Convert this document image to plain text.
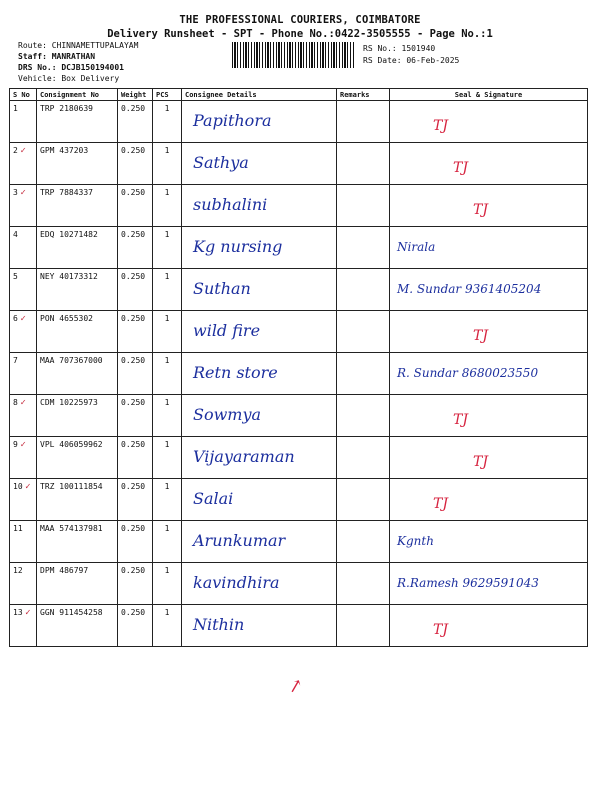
THE PROFESSIONAL COURIERS, COIMBATORE
Delivery Runsheet - SPT - Phone No.:0422-3505555 - Page No.:1
Route: CHINNAMETTUPALAYAM
Staff: MANRATHAN
DRS No.: DCJB150194001
Vehicle: Box Delivery
RS No.: 1501940
RS Date: 06-Feb-2025
S No	Consignment No	Weight	PCS	Consignee Details	Remarks	Seal & Signature
1	TRP 2180639	0.250	1	Papithora		TJ

2 ✓	GPM 437203	0.250	1	Sathya		TJ

3 ✓	TRP 7884337	0.250	1	subhalini		TJ

4	EDQ 10271482	0.250	1	Kg nursing		Nirala

5	NEY 40173312	0.250	1	Suthan		M. Sundar 9361405204

6 ✓	PON 4655302	0.250	1	wild fire		TJ

7	MAA 707367000	0.250	1	Retn store		R. Sundar 8680023550

8 ✓	CDM 10225973	0.250	1	Sowmya		TJ

9 ✓	VPL 406059962	0.250	1	Vijayaraman		TJ

10 ✓	TRZ 100111854	0.250	1	Salai		TJ

11	MAA 574137981	0.250	1	Arunkumar		Kgnth

12	DPM 486797	0.250	1	kavindhira		R.Ramesh 9629591043

13 ✓	GGN 911454258	0.250	1	Nithin		TJ
↗
